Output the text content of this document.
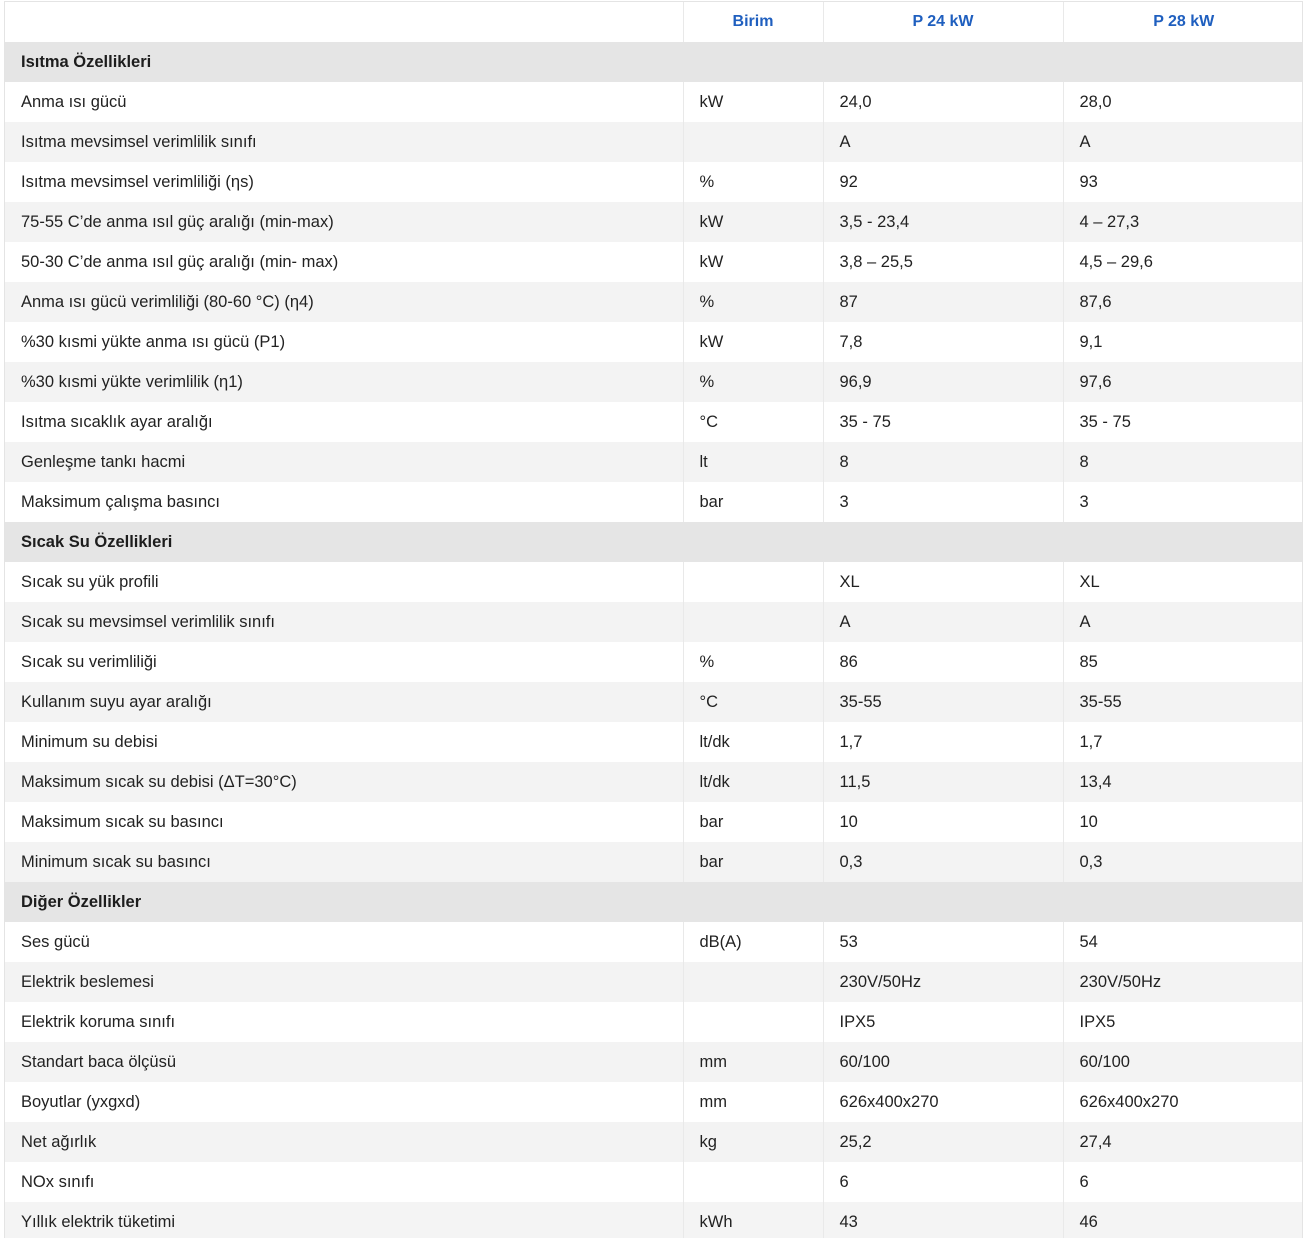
	Birim	P 24 kW	P 28 kW
Isıtma Özellikleri			
Anma ısı gücü	kW	24,0	28,0
Isıtma mevsimsel verimlilik sınıfı		A	A
Isıtma mevsimsel verimliliği (ηs)	%	92	93
75-55 C’de anma ısıl güç aralığı (min-max)	kW	3,5 - 23,4	4 – 27,3
50-30 C’de anma ısıl güç aralığı (min- max)	kW	3,8 – 25,5	4,5 – 29,6
Anma ısı gücü verimliliği (80-60 °C) (η4)	%	87	87,6
%30 kısmi yükte anma ısı gücü (P1)	kW	7,8	9,1
%30 kısmi yükte verimlilik (η1)	%	96,9	97,6
Isıtma sıcaklık ayar aralığı	°C	35 - 75	35 - 75
Genleşme tankı hacmi	lt	8	8
Maksimum çalışma basıncı	bar	3	3
Sıcak Su Özellikleri			
Sıcak su yük profili		XL	XL
Sıcak su mevsimsel verimlilik sınıfı		A	A
Sıcak su verimliliği	%	86	85
Kullanım suyu ayar aralığı	°C	35-55	35-55
Minimum su debisi	lt/dk	1,7	1,7
Maksimum sıcak su debisi (ΔT=30°C)	lt/dk	11,5	13,4
Maksimum sıcak su basıncı	bar	10	10
Minimum sıcak su basıncı	bar	0,3	0,3
Diğer Özellikler			
Ses gücü	dB(A)	53	54
Elektrik beslemesi		230V/50Hz	230V/50Hz
Elektrik koruma sınıfı		IPX5	IPX5
Standart baca ölçüsü	mm	60/100	60/100
Boyutlar (yxgxd)	mm	626x400x270	626x400x270
Net ağırlık	kg	25,2	27,4
NOx sınıfı		6	6
Yıllık elektrik tüketimi	kWh	43	46
